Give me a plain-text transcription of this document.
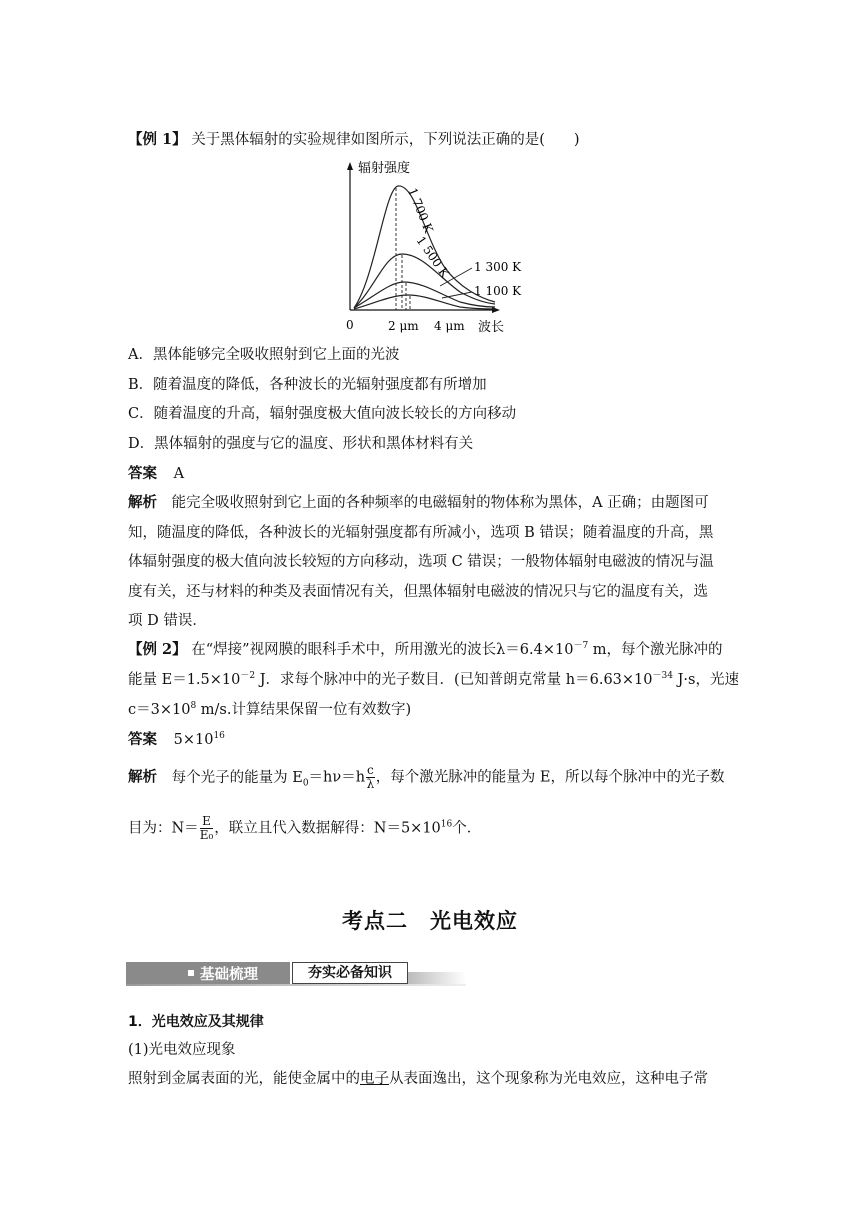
【例 1】 关于黑体辐射的实验规律如图所示，下列说法正确的是(　　)
辐射强度
0	2 μm 4 μm 波长
1 700 K
1 500 K 1 300 K
1 100 K
A．黑体能够完全吸收照射到它上面的光波
B．随着温度的降低，各种波长的光辐射强度都有所增加
C．随着温度的升高，辐射强度极大值向波长较长的方向移动
D．黑体辐射的强度与它的温度、形状和黑体材料有关
答案 A
解析 能完全吸收照射到它上面的各种频率的电磁辐射的物体称为黑体，A 正确；由题图可
知，随温度的降低，各种波长的光辐射强度都有所减小，选项 B 错误；随着温度的升高，黑
体辐射强度的极大值向波长较短的方向移动，选项 C 错误；一般物体辐射电磁波的情况与温
度有关，还与材料的种类及表面情况有关，但黑体辐射电磁波的情况只与它的温度有关，选
项 D 错误．
【例 2】 在“焊接”视网膜的眼科手术中，所用激光的波长$\lambda=6.4\times 10^{-7}$ m，每个激光脉冲的
能量 $E=1.5\times 10^{-2}$ J．求每个脉冲中的光子数目．(已知普朗克常量 $h=6.63\times 10^{-34}$ J·s，光速
$c=3\times 10^8$ m/s.计算结果保留一位有效数字)
答案 $5\times 10^{16}$
解析 每个光子的能量为 $E_0=h\nu=h \frac{c}{\lambda}$ ，每个激光脉冲的能量为 E，所以每个脉冲中的光子数
目为：$N= \frac{E}{\text{E₀}}$ ，联立且代入数据解得：$N=5\times 10^{16}$个．
考点二　光电效应
基础梳理	夯实必备知识
1．光电效应及其规律
(1)光电效应现象
照射到金属表面的光，能使金属中的电子从表面逸出，这个现象称为光电效应，这种电子常
